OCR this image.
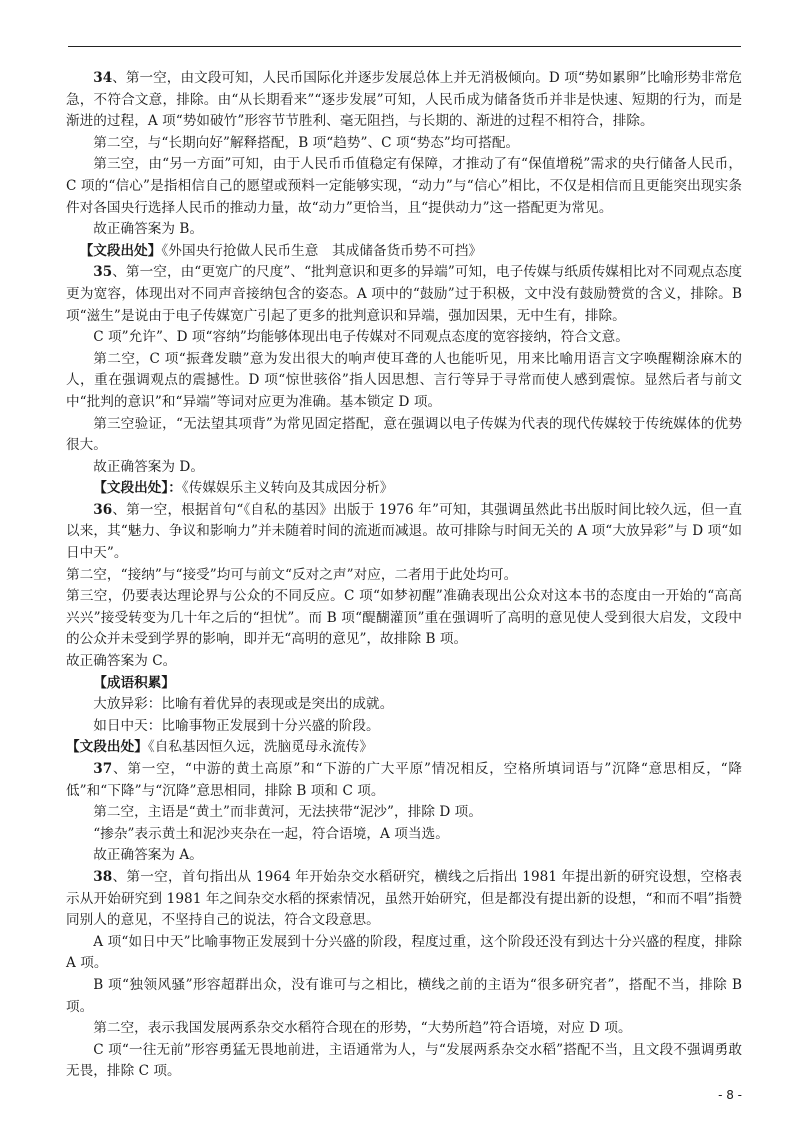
34、第一空，由文段可知，人民币国际化并逐步发展总体上并无消极倾向。D 项“势如累卵”比喻形势非常危急，不符合文意，排除。由“从长期看来”“逐步发展”可知，人民币成为储备货币并非是快速、短期的行为，而是渐进的过程，A 项“势如破竹”形容节节胜利、毫无阻挡，与长期的、渐进的过程不相符合，排除。

第二空，与“长期向好”解释搭配，B 项“趋势”、C 项“势态”均可搭配。

第三空，由“另一方面”可知，由于人民币币值稳定有保障，才推动了有“保值增税”需求的央行储备人民币，C 项的“信心”是指相信自己的愿望或预料一定能够实现，“动力”与“信心”相比，不仅是相信而且更能突出现实条件对各国央行选择人民币的推动力量，故“动力”更恰当，且“提供动力”这一搭配更为常见。

故正确答案为 B。

【文段出处】《外国央行抢做人民币生意　其成储备货币势不可挡》

35、第一空，由“更宽广的尺度”、“批判意识和更多的异端”可知，电子传媒与纸质传媒相比对不同观点态度更为宽容，体现出对不同声音接纳包含的姿态。A 项中的“鼓励”过于积极，文中没有鼓励赞赏的含义，排除。B 项“滋生”是说由于电子传媒宽广引起了更多的批判意识和异端，强加因果，无中生有，排除。

C 项”允许”、D 项“容纳”均能够体现出电子传媒对不同观点态度的宽容接纳，符合文意。

第二空，C 项“振聋发聩”意为发出很大的响声使耳聋的人也能听见，用来比喻用语言文字唤醒糊涂麻木的人，重在强调观点的震撼性。D 项“惊世骇俗”指人因思想、言行等异于寻常而使人感到震惊。显然后者与前文中“批判的意识”和“异端”等词对应更为准确。基本锁定 D 项。

第三空验证，“无法望其项背”为常见固定搭配，意在强调以电子传媒为代表的现代传媒较于传统媒体的优势很大。

故正确答案为 D。

【文段出处】：《传媒娱乐主义转向及其成因分析》

36、第一空，根据首句“《自私的基因》出版于 1976 年”可知，其强调虽然此书出版时间比较久远，但一直以来，其“魅力、争议和影响力”并未随着时间的流逝而减退。故可排除与时间无关的 A 项“大放异彩”与 D 项“如日中天”。

第二空，“接纳”与“接受”均可与前文“反对之声”对应，二者用于此处均可。

第三空，仍要表达理论界与公众的不同反应。C 项“如梦初醒”准确表现出公众对这本书的态度由一开始的“高高兴兴”接受转变为几十年之后的“担忧”。而 B 项“醍醐灌顶”重在强调听了高明的意见使人受到很大启发，文段中的公众并未受到学界的影响，即并无“高明的意见”，故排除 B 项。

故正确答案为 C。

【成语积累】

大放异彩：比喻有着优异的表现或是突出的成就。

如日中天：比喻事物正发展到十分兴盛的阶段。

【文段出处】《自私基因恒久远，洗脑觅母永流传》

37、第一空，“中游的黄土高原”和“下游的广大平原”情况相反，空格所填词语与”沉降“意思相反，“降低”和“下降”与“沉降”意思相同，排除 B 项和 C 项。

第二空，主语是“黄土”而非黄河，无法挟带“泥沙”，排除 D 项。

“掺杂”表示黄土和泥沙夹杂在一起，符合语境，A 项当选。

故正确答案为 A。

38、第一空，首句指出从 1964 年开始杂交水稻研究，横线之后指出 1981 年提出新的研究设想，空格表示从开始研究到 1981 年之间杂交水稻的探索情况，虽然开始研究，但是都没有提出新的设想，“和而不唱”指赞同别人的意见，不坚持自己的说法，符合文段意思。

A 项“如日中天”比喻事物正发展到十分兴盛的阶段，程度过重，这个阶段还没有到达十分兴盛的程度，排除 A 项。

B 项“独领风骚”形容超群出众，没有谁可与之相比，横线之前的主语为“很多研究者”，搭配不当，排除 B 项。

第二空，表示我国发展两系杂交水稻符合现在的形势，“大势所趋”符合语境，对应 D 项。

C 项“一往无前”形容勇猛无畏地前进，主语通常为人，与“发展两系杂交水稻”搭配不当，且文段不强调勇敢无畏，排除 C 项。

- 8 -
